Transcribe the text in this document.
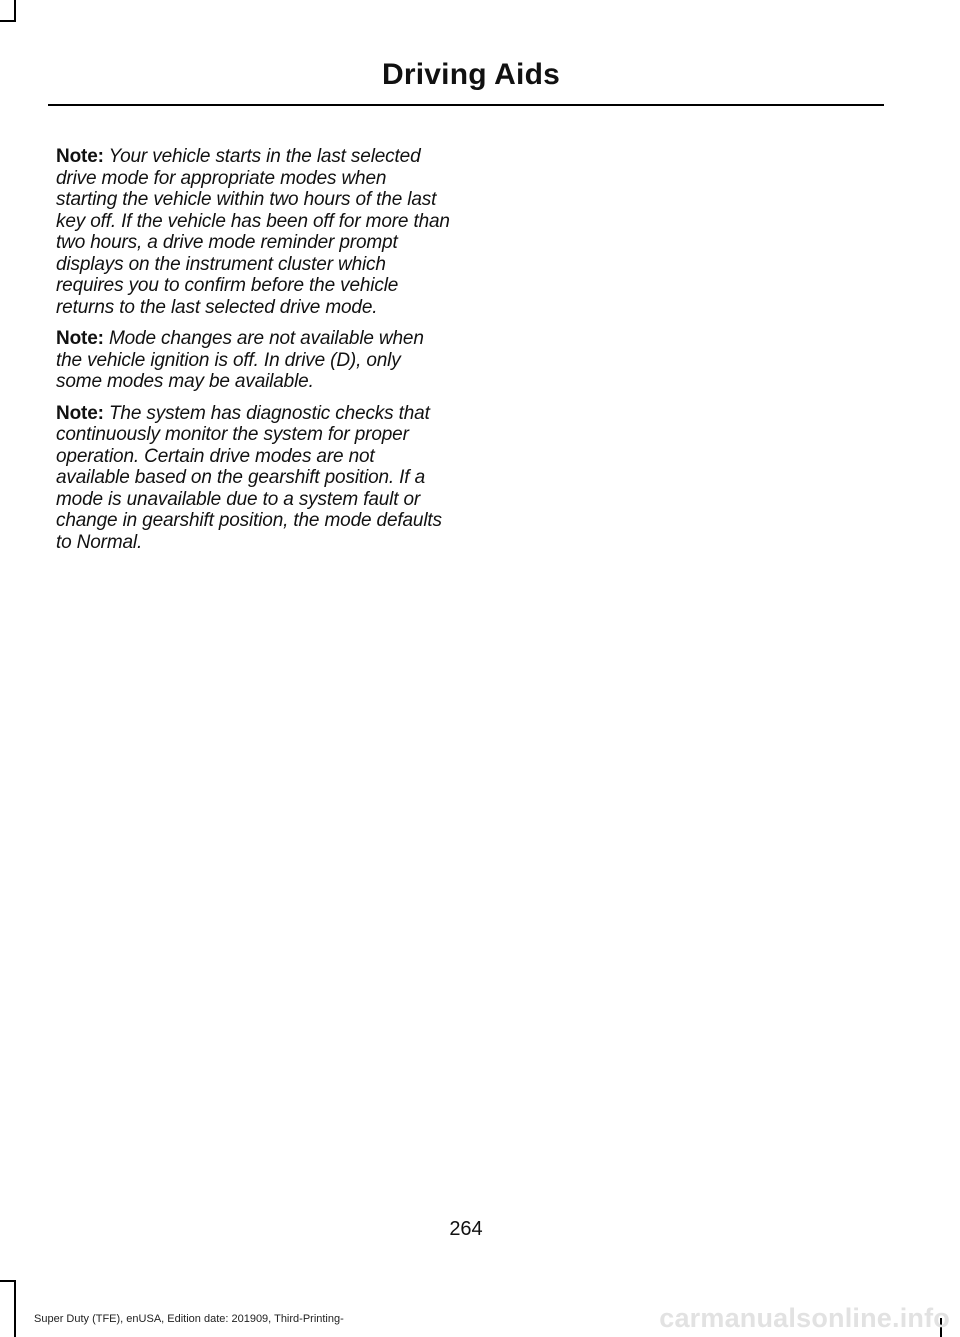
Driving Aids

Note: Your vehicle starts in the last selected drive mode for appropriate modes when starting the vehicle within two hours of the last key off. If the vehicle has been off for more than two hours, a drive mode reminder prompt displays on the instrument cluster which requires you to confirm before the vehicle returns to the last selected drive mode.

Note: Mode changes are not available when the vehicle ignition is off. In drive (D), only some modes may be available.

Note: The system has diagnostic checks that continuously monitor the system for proper operation. Certain drive modes are not available based on the gearshift position. If a mode is unavailable due to a system fault or change in gearshift position, the mode defaults to Normal.

264
Super Duty (TFE), enUSA, Edition date: 201909, Third-Printing-	carmanualsonline.info
